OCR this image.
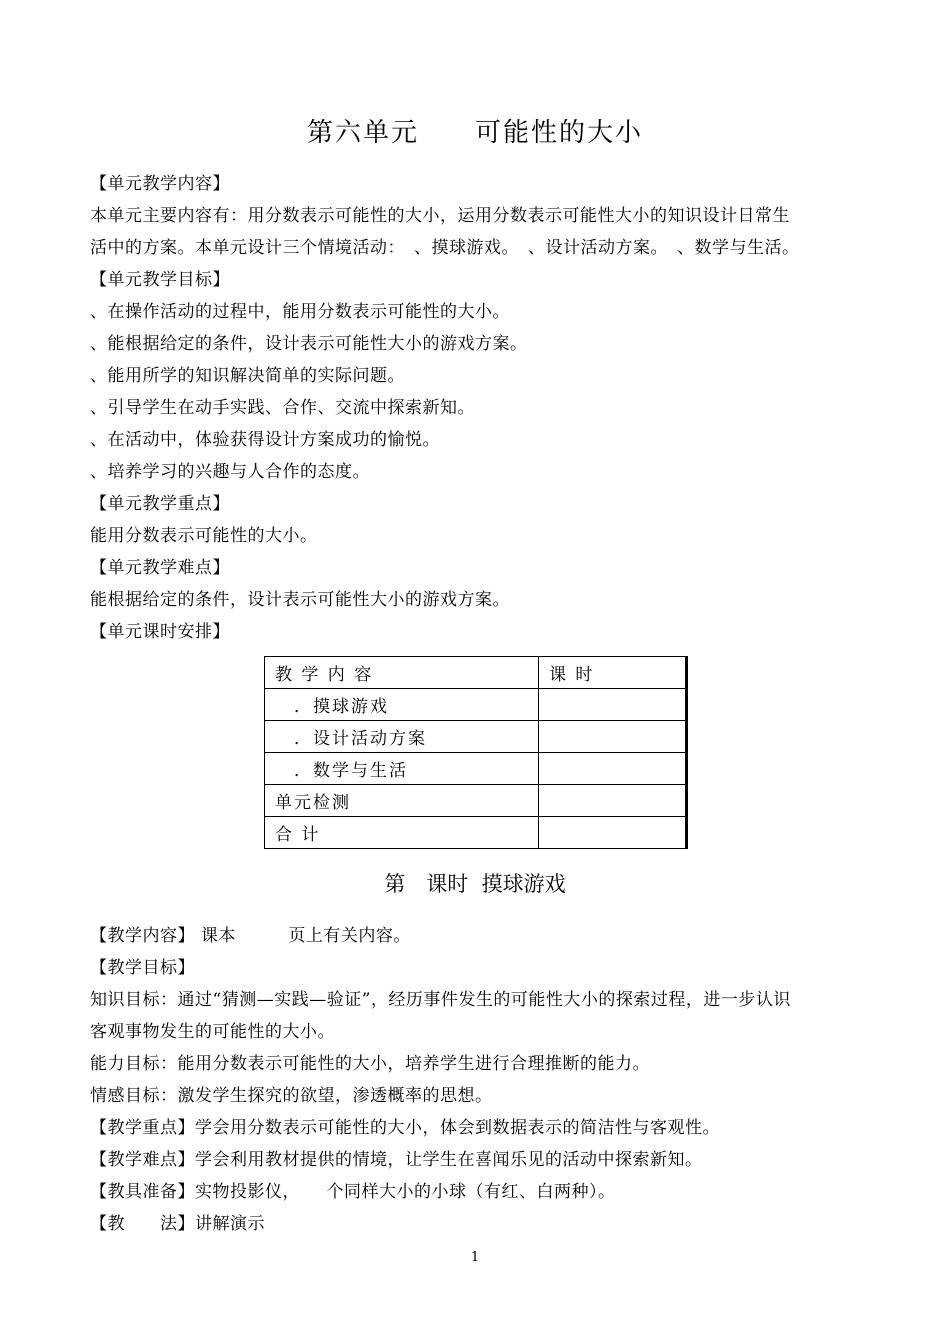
第六单元　　可能性的大小
【单元教学内容】
本单元主要内容有：用分数表示可能性的大小，运用分数表示可能性大小的知识设计日常生
活中的方案。本单元设计三个情境活动：　、摸球游戏。　、设计活动方案。　、数学与生活。
【单元教学目标】
、在操作活动的过程中，能用分数表示可能性的大小。
、能根据给定的条件，设计表示可能性大小的游戏方案。
、能用所学的知识解决简单的实际问题。
、引导学生在动手实践、合作、交流中探索新知。
、在活动中，体验获得设计方案成功的愉悦。
、培养学习的兴趣与人合作的态度。
【单元教学重点】
能用分数表示可能性的大小。
【单元教学难点】
能根据给定的条件，设计表示可能性大小的游戏方案。
【单元课时安排】
教 学 内 容	课 时
　．摸球游戏	
　．设计活动方案	
　．数学与生活	
单元检测	
合 计	
第　课时  摸球游戏
【教学内容】 课本　　　页上有关内容。
【教学目标】
知识目标：通过“猜测—实践—验证”，经历事件发生的可能性大小的探索过程，进一步认识
客观事物发生的可能性的大小。
能力目标：能用分数表示可能性的大小，培养学生进行合理推断的能力。
情感目标：激发学生探究的欲望，渗透概率的思想。
【教学重点】学会用分数表示可能性的大小，体会到数据表示的简洁性与客观性。
【教学难点】学会利用教材提供的情境，让学生在喜闻乐见的活动中探索新知。
【教具准备】实物投影仪，　　个同样大小的小球（有红、白两种）。
【教　　法】讲解演示
1
